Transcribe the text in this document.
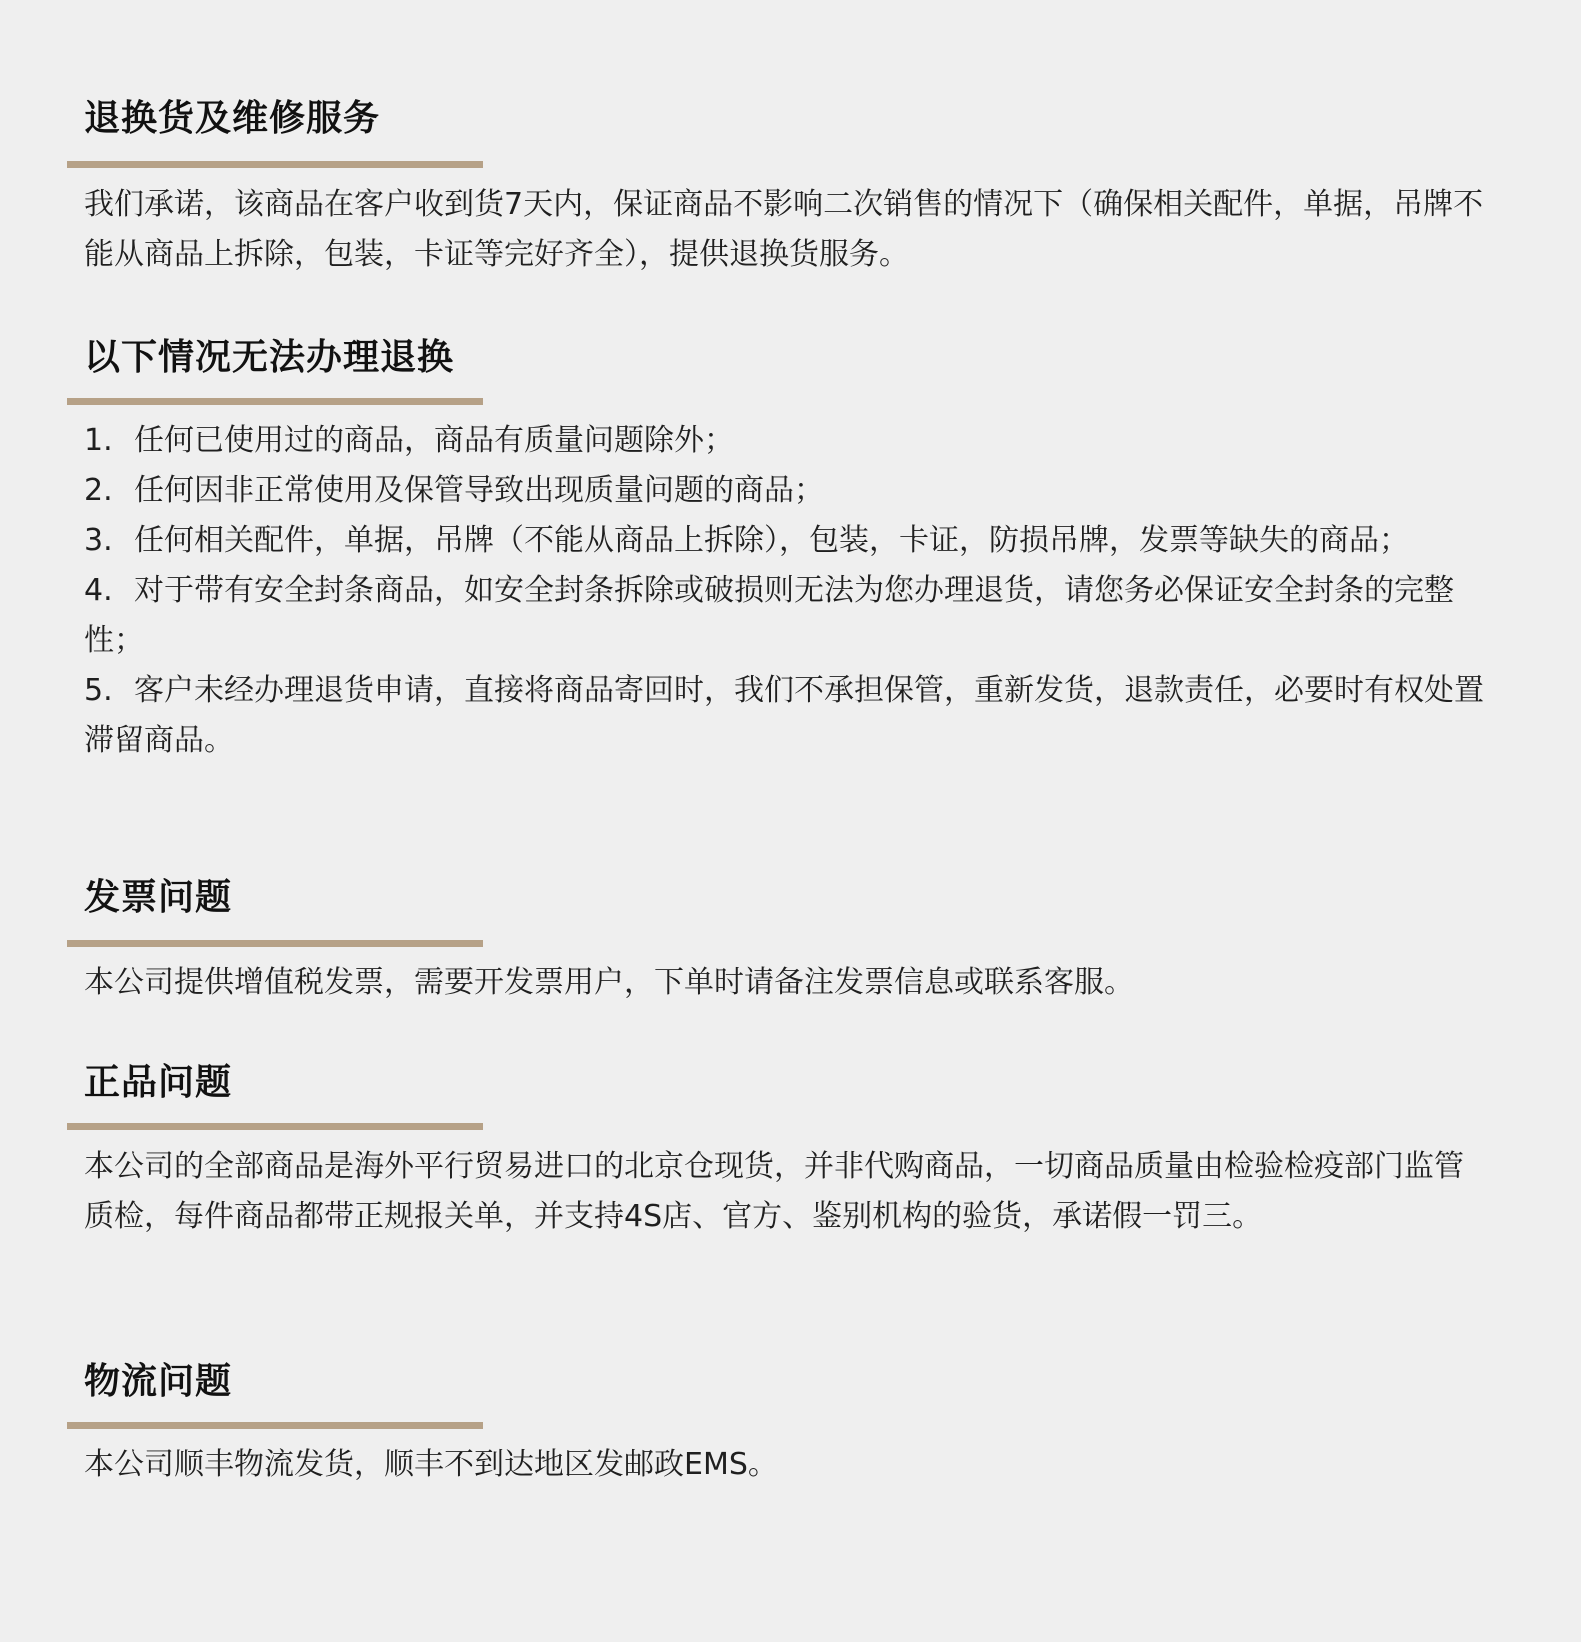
退换货及维修服务

我们承诺，该商品在客户收到货7天内，保证商品不影响二次销售的情况下（确保相关配件，单据，吊牌不能从商品上拆除，包装，卡证等完好齐全），提供退换货服务。

以下情况无法办理退换
1. 任何已使用过的商品，商品有质量问题除外；
2. 任何因非正常使用及保管导致出现质量问题的商品；
3. 任何相关配件，单据，吊牌（不能从商品上拆除），包装，卡证，防损吊牌，发票等缺失的商品；
4. 对于带有安全封条商品，如安全封条拆除或破损则无法为您办理退货，请您务必保证安全封条的完整性；
5. 客户未经办理退货申请，直接将商品寄回时，我们不承担保管，重新发货，退款责任，必要时有权处置滞留商品。
发票问题

本公司提供增值税发票，需要开发票用户，下单时请备注发票信息或联系客服。

正品问题

本公司的全部商品是海外平行贸易进口的北京仓现货，并非代购商品，一切商品质量由检验检疫部门监管质检，每件商品都带正规报关单，并支持4S店、官方、鉴别机构的验货，承诺假一罚三。

物流问题

本公司顺丰物流发货，顺丰不到达地区发邮政EMS。
